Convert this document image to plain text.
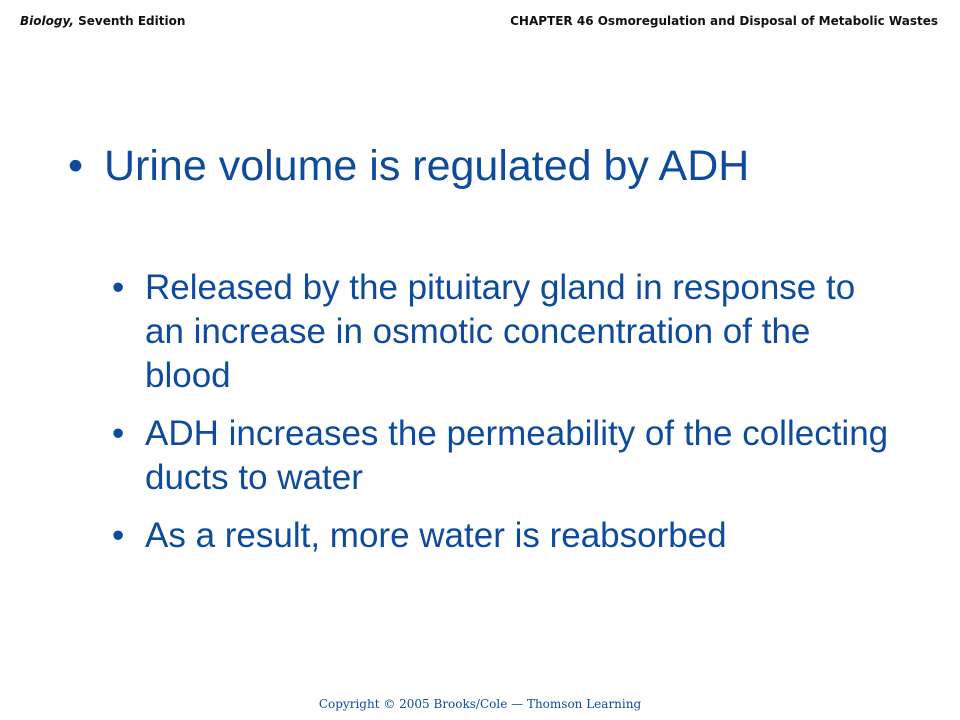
Biology, Seventh Edition	CHAPTER 46 Osmoregulation and Disposal of Metabolic Wastes
• Urine volume is regulated by ADH
• Released by the pituitary gland in response to an increase in osmotic concentration of the blood
• ADH increases the permeability of the collecting ducts to water
• As a result, more water is reabsorbed
Copyright © 2005 Brooks/Cole — Thomson Learning
